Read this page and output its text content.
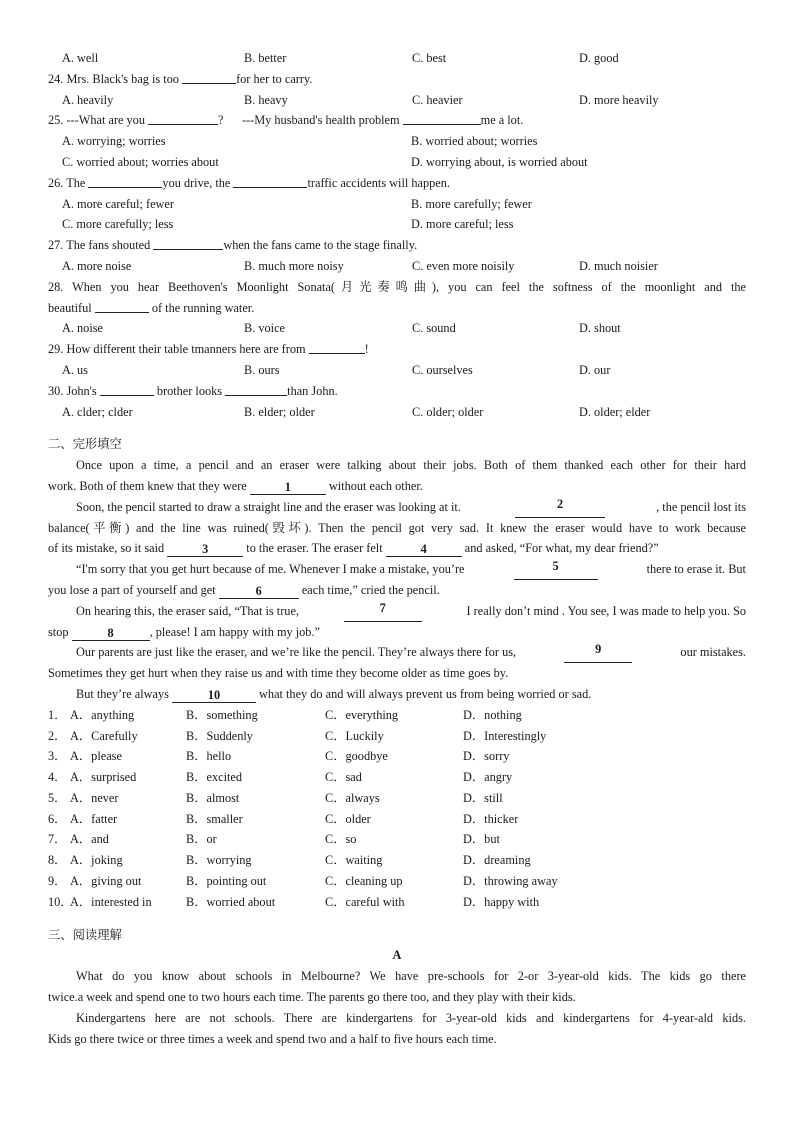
A. well	B. better	C. best	D. good
24. Mrs. Black's bag is too	for her to carry.
A. heavily	B. heavy	C. heavier	D. more heavily
25. ---What are you	?      ---My husband's health problem	me a lot.
A. worrying; worries	B. worried about; worries
C. worried about; worries about	D. worrying about, is worried about
26. The	you drive, the	traffic accidents will happen.
A. more careful; fewer	B. more carefully; fewer
C. more carefully; less	D. more careful; less
27. The fans shouted	when the fans came to the stage finally.
A. more noise	B. much more noisy	C. even more noisily	D. much noisier
28. When you hear Beethoven's Moonlight Sonata(月光奏鸣曲), you can feel the softness of the moonlight and the
beautiful	of the running water.
A. noise	B. voice	C. sound	D. shout
29. How different their table tmanners here are from	!
A. us	B. ours	C. ourselves	D. our
30. John's	brother looks	than John.
A. clder; clder	B. elder; older	C. older; older	D. older; elder
二、完形填空
Once upon a time, a pencil and an eraser were talking about their jobs. Both of them thanked each other for their hard
work. Both of them knew that they were	1	without each other.
Soon, the pencil started to draw a straight line and the eraser was looking at it.	2	, the pencil lost its
balance(平衡) and the line was ruined(毁坏). Then the pencil got very sad. It knew the eraser would have to work because
of its mistake, so it said	3	to the eraser. The eraser felt	4	and asked, “For what, my dear friend?”
“I'm sorry that you get hurt because of me. Whenever I make a mistake, you’re	5	there to erase it. But
you lose a part of yourself and get	6	each time,” cried the pencil.
On hearing this, the eraser said, “That is true,	7	I really don’t mind . You see, I was made to help you. So
stop	8	, please! I am happy with my job.”
Our parents are just like the eraser, and we’re like the pencil. They’re always there for us,	9	our mistakes.
Sometimes they get hurt when they raise us and with time they become older as time goes by.
But they’re always	10	what they do and will always prevent us from being worried or sad.
1． A．anything	B．something	C．everything	D．nothing
2． A．Carefully	B．Suddenly	C．Luckily	D．Interestingly
3． A．please	B．hello	C．goodbye	D．sorry
4． A．surprised	B．excited	C．sad	D．angry
5． A．never	B．almost	C．always	D．still
6． A．fatter	B．smaller	C．older	D．thicker
7． A．and	B．or	C．so	D．but
8． A．joking	B．worrying	C．waiting	D．dreaming
9． A．giving out	B．pointing out	C．cleaning up	D．throwing away
10．A．interested in	B．worried about	C．careful with	D．happy with
三、阅读理解
A
What do you know about schools in Melbourne? We have pre-schools for 2-or 3-year-old kids. The kids go there
twice.a week and spend one to two hours each time. The parents go there too, and they play with their kids.
Kindergartens here are not schools. There are kindergartens for 3-year-old kids and kindergartens for 4-year-ald kids.
Kids go there twice or three times a week and spend two and a half to five hours each time.
